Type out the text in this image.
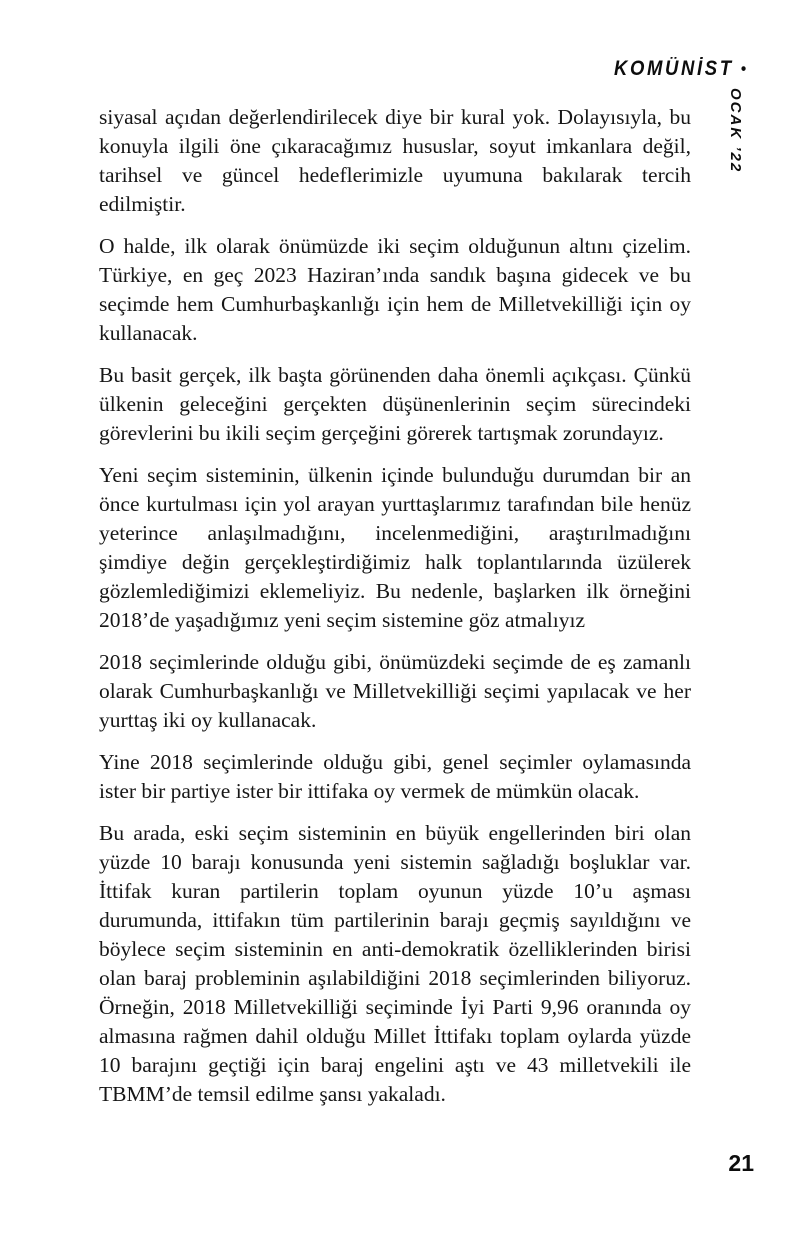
KOMÜNİST •
OCAK ’22

siyasal açıdan değerlendirilecek diye bir kural yok. Dolayısıyla, bu konuyla ilgili öne çıkaracağımız hususlar, soyut imkanlara değil, tarihsel ve güncel hedeflerimizle uyumuna bakılarak tercih edilmiştir.

O halde, ilk olarak önümüzde iki seçim olduğunun altını çizelim. Türkiye, en geç 2023 Haziran’ında sandık başına gidecek ve bu seçimde hem Cumhurbaşkanlığı için hem de Milletvekilliği için oy kullanacak.

Bu basit gerçek, ilk başta görünenden daha önemli açıkçası. Çünkü ülkenin geleceğini gerçekten düşünenlerinin seçim sürecindeki görevlerini bu ikili seçim gerçeğini görerek tartışmak zorundayız.

Yeni seçim sisteminin, ülkenin içinde bulunduğu durumdan bir an önce kurtulması için yol arayan yurttaşlarımız tarafından bile henüz yeterince anlaşılmadığını, incelenmediğini, araştırılmadığını şimdiye değin gerçekleştirdiğimiz halk toplantılarında üzülerek gözlemlediğimizi eklemeliyiz. Bu nedenle, başlarken ilk örneğini 2018’de yaşadığımız yeni seçim sistemine göz atmalıyız

2018 seçimlerinde olduğu gibi, önümüzdeki seçimde de eş zamanlı olarak Cumhurbaşkanlığı ve Milletvekilliği seçimi yapılacak ve her yurttaş iki oy kullanacak.

Yine 2018 seçimlerinde olduğu gibi, genel seçimler oylamasında ister bir partiye ister bir ittifaka oy vermek de mümkün olacak.

Bu arada, eski seçim sisteminin en büyük engellerinden biri olan yüzde 10 barajı konusunda yeni sistemin sağladığı boşluklar var. İttifak kuran partilerin toplam oyunun yüzde 10’u aşması durumunda, ittifakın tüm partilerinin barajı geçmiş sayıldığını ve böylece seçim sisteminin en anti-demokratik özelliklerinden birisi olan baraj probleminin aşılabildiğini 2018 seçimlerinden biliyoruz. Örneğin, 2018 Milletvekilliği seçiminde İyi Parti 9,96 oranında oy almasına rağmen dahil olduğu Millet İttifakı toplam oylarda yüzde 10 barajını geçtiği için baraj engelini aştı ve 43 milletvekili ile TBMM’de temsil edilme şansı yakaladı.

21
